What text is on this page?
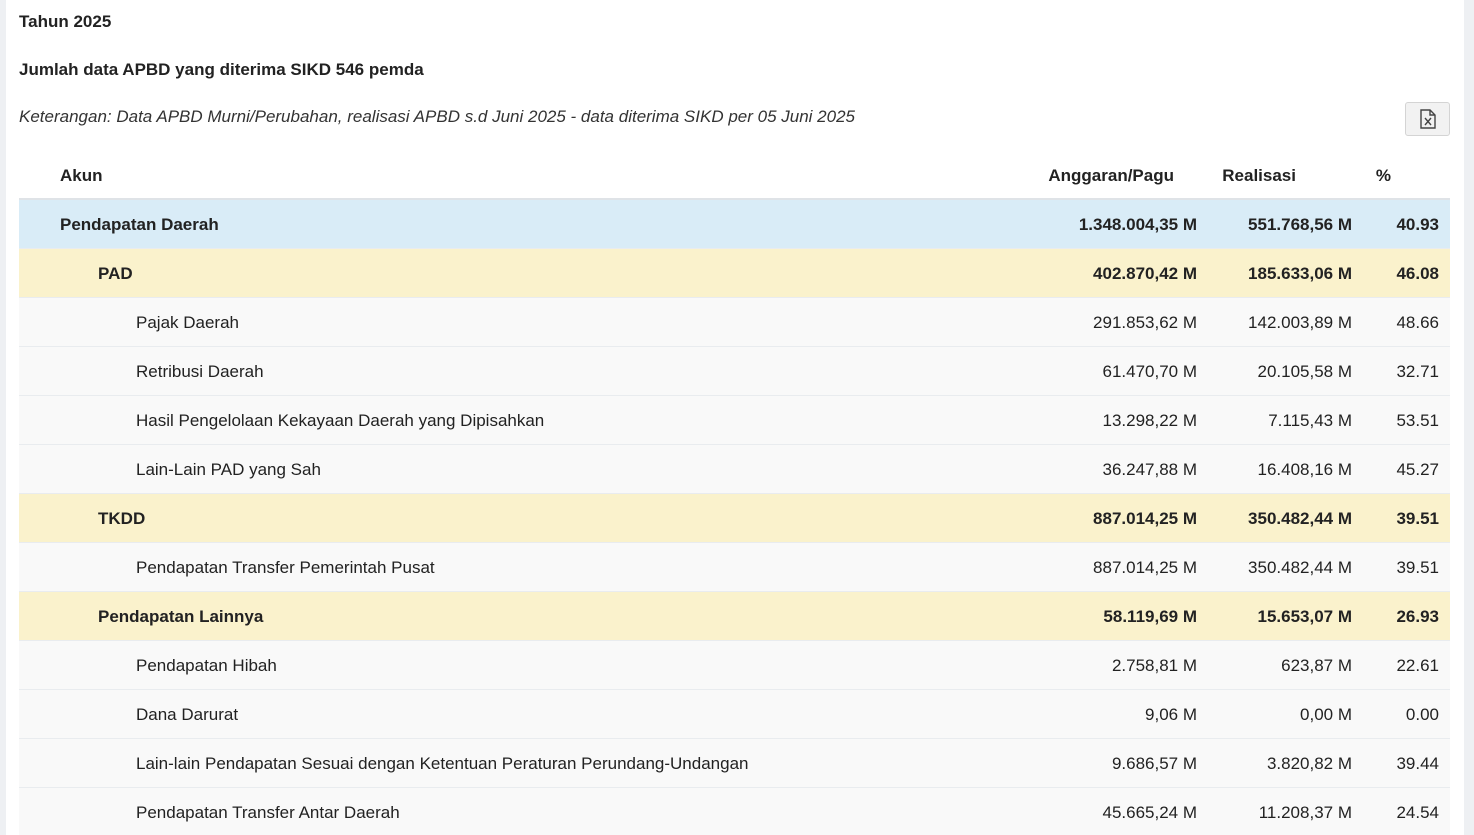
Tahun 2025
Jumlah data APBD yang diterima SIKD 546 pemda
Keterangan: Data APBD Murni/Perubahan, realisasi APBD s.d Juni 2025 - data diterima SIKD per 05 Juni 2025
Akun	Anggaran/Pagu	Realisasi	%
Pendapatan Daerah	1.348.004,35 M	551.768,56 M	40.93
PAD	402.870,42 M	185.633,06 M	46.08
Pajak Daerah	291.853,62 M	142.003,89 M	48.66
Retribusi Daerah	61.470,70 M	20.105,58 M	32.71
Hasil Pengelolaan Kekayaan Daerah yang Dipisahkan	13.298,22 M	7.115,43 M	53.51
Lain-Lain PAD yang Sah	36.247,88 M	16.408,16 M	45.27
TKDD	887.014,25 M	350.482,44 M	39.51
Pendapatan Transfer Pemerintah Pusat	887.014,25 M	350.482,44 M	39.51
Pendapatan Lainnya	58.119,69 M	15.653,07 M	26.93
Pendapatan Hibah	2.758,81 M	623,87 M	22.61
Dana Darurat	9,06 M	0,00 M	0.00
Lain-lain Pendapatan Sesuai dengan Ketentuan Peraturan Perundang-Undangan	9.686,57 M	3.820,82 M	39.44
Pendapatan Transfer Antar Daerah	45.665,24 M	11.208,37 M	24.54
